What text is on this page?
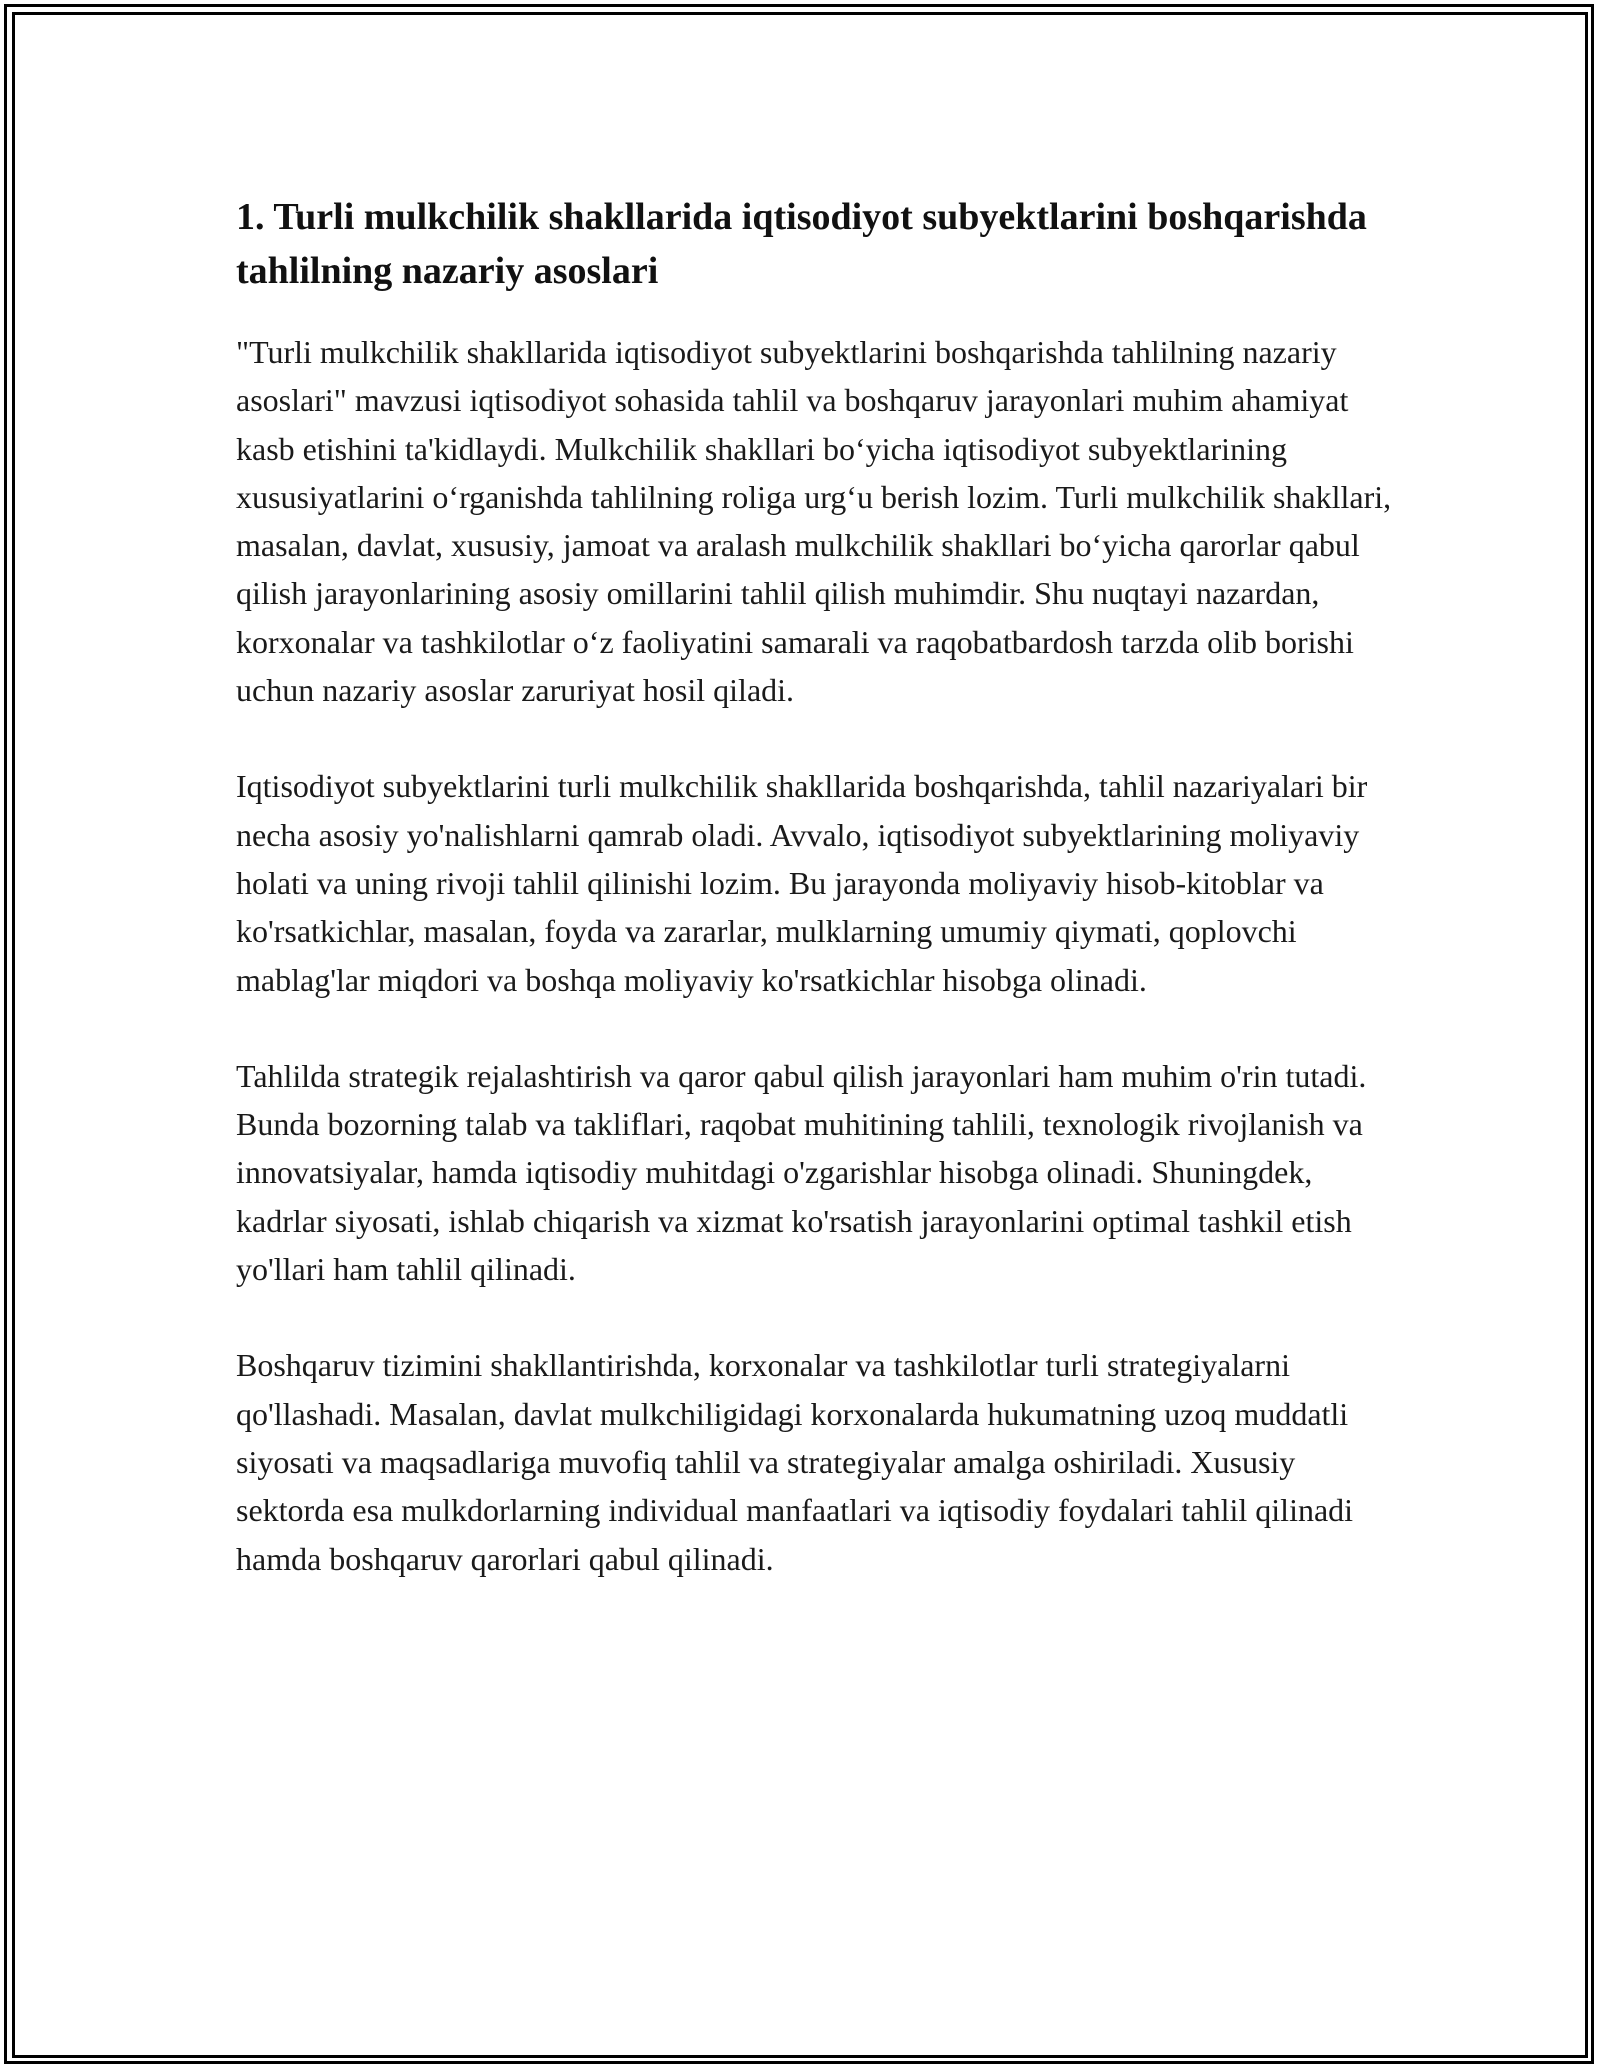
1. Turli mulkchilik shakllarida iqtisodiyot subyektlarini boshqarishda tahlilning nazariy asoslari

"Turli mulkchilik shakllarida iqtisodiyot subyektlarini boshqarishda tahlilning nazariy asoslari" mavzusi iqtisodiyot sohasida tahlil va boshqaruv jarayonlari muhim ahamiyat kasb etishini ta'kidlaydi. Mulkchilik shakllari bo‘yicha iqtisodiyot subyektlarining xususiyatlarini o‘rganishda tahlilning roliga urg‘u berish lozim. Turli mulkchilik shakllari, masalan, davlat, xususiy, jamoat va aralash mulkchilik shakllari bo‘yicha qarorlar qabul qilish jarayonlarining asosiy omillarini tahlil qilish muhimdir. Shu nuqtayi nazardan, korxonalar va tashkilotlar o‘z faoliyatini samarali va raqobatbardosh tarzda olib borishi uchun nazariy asoslar zaruriyat hosil qiladi.

Iqtisodiyot subyektlarini turli mulkchilik shakllarida boshqarishda, tahlil nazariyalari bir necha asosiy yo'nalishlarni qamrab oladi. Avvalo, iqtisodiyot subyektlarining moliyaviy holati va uning rivoji tahlil qilinishi lozim. Bu jarayonda moliyaviy hisob-kitoblar va ko'rsatkichlar, masalan, foyda va zararlar, mulklarning umumiy qiymati, qoplovchi mablag'lar miqdori va boshqa moliyaviy ko'rsatkichlar hisobga olinadi.

Tahlilda strategik rejalashtirish va qaror qabul qilish jarayonlari ham muhim o'rin tutadi. Bunda bozorning talab va takliflari, raqobat muhitining tahlili, texnologik rivojlanish va innovatsiyalar, hamda iqtisodiy muhitdagi o'zgarishlar hisobga olinadi. Shuningdek, kadrlar siyosati, ishlab chiqarish va xizmat ko'rsatish jarayonlarini optimal tashkil etish yo'llari ham tahlil qilinadi.

Boshqaruv tizimini shakllantirishda, korxonalar va tashkilotlar turli strategiyalarni qo'llashadi. Masalan, davlat mulkchiligidagi korxonalarda hukumatning uzoq muddatli siyosati va maqsadlariga muvofiq tahlil va strategiyalar amalga oshiriladi. Xususiy sektorda esa mulkdorlarning individual manfaatlari va iqtisodiy foydalari tahlil qilinadi hamda boshqaruv qarorlari qabul qilinadi.
